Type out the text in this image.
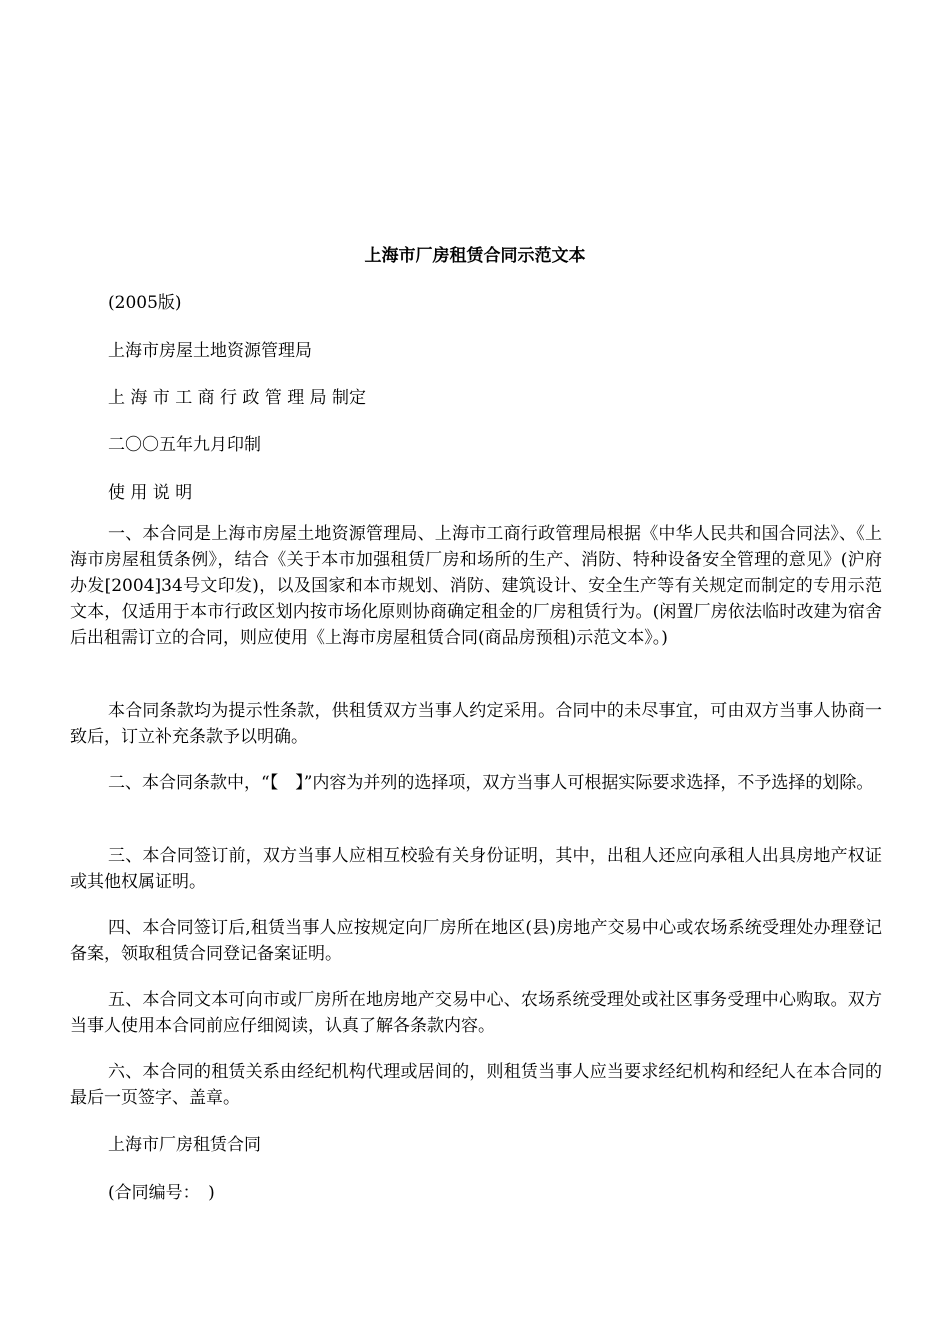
上海市厂房租赁合同示范文本
(2005版)
上海市房屋土地资源管理局
上 海 市 工 商 行 政 管 理 局 制定
二〇〇五年九月印制
使 用 说 明
一、本合同是上海市房屋土地资源管理局、上海市工商行政管理局根据《中华人民共和国合同法》、《上海市房屋租赁条例》，结合《关于本市加强租赁厂房和场所的生产、消防、特种设备安全管理的意见》(沪府办发[2004]34号文印发)，以及国家和本市规划、消防、建筑设计、安全生产等有关规定而制定的专用示范文本，仅适用于本市行政区划内按市场化原则协商确定租金的厂房租赁行为。(闲置厂房依法临时改建为宿舍后出租需订立的合同，则应使用《上海市房屋租赁合同(商品房预租)示范文本》。)
本合同条款均为提示性条款，供租赁双方当事人约定采用。合同中的未尽事宜，可由双方当事人协商一致后，订立补充条款予以明确。
二、本合同条款中，“【　】”内容为并列的选择项，双方当事人可根据实际要求选择，不予选择的划除。
三、本合同签订前，双方当事人应相互校验有关身份证明，其中，出租人还应向承租人出具房地产权证或其他权属证明。
四、本合同签订后,租赁当事人应按规定向厂房所在地区(县)房地产交易中心或农场系统受理处办理登记备案，领取租赁合同登记备案证明。
五、本合同文本可向市或厂房所在地房地产交易中心、农场系统受理处或社区事务受理中心购取。双方当事人使用本合同前应仔细阅读，认真了解各条款内容。
六、本合同的租赁关系由经纪机构代理或居间的，则租赁当事人应当要求经纪机构和经纪人在本合同的最后一页签字、盖章。
上海市厂房租赁合同
(合同编号：　)
